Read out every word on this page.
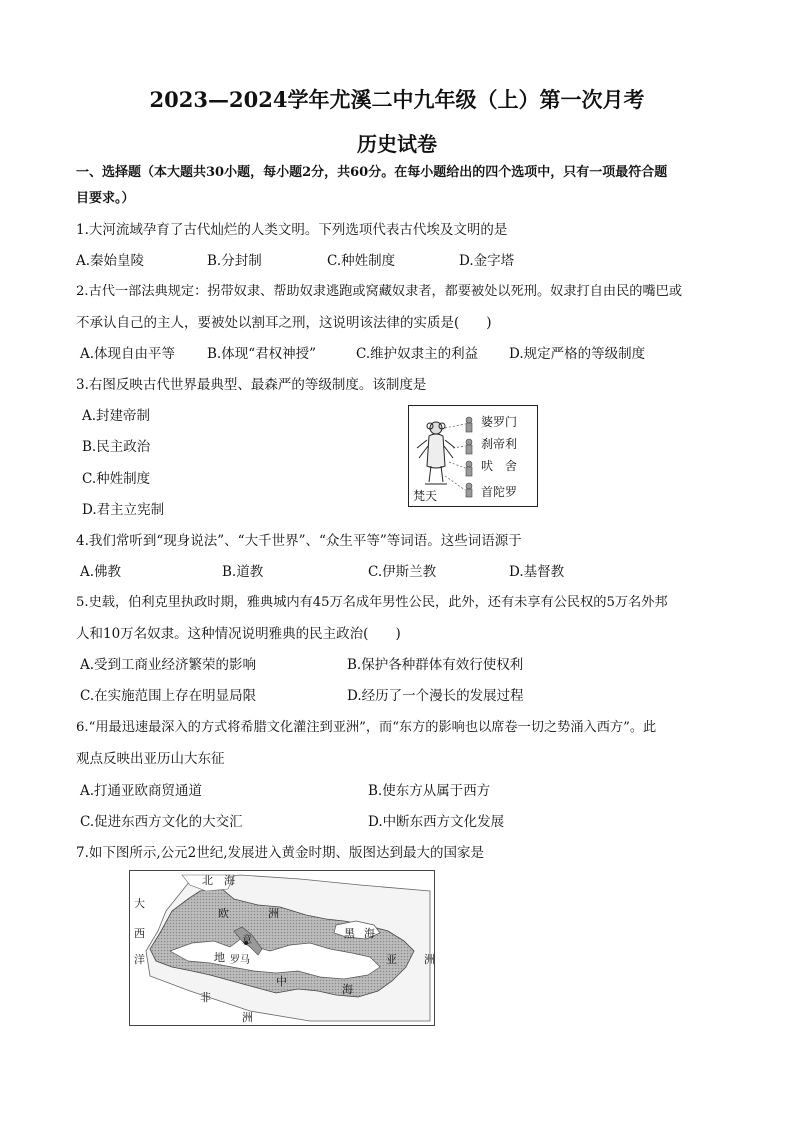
2023—2024学年尤溪二中九年级（上）第一次月考
历史试卷
一、选择题（本大题共30小题，每小题2分，共60分。在每小题给出的四个选项中，只有一项最符合题
目要求。）
1.大河流域孕育了古代灿烂的人类文明。下列选项代表古代埃及文明的是
A.秦始皇陵	B.分封制	C.种姓制度	D.金字塔
2.古代一部法典规定：拐带奴隶、帮助奴隶逃跑或窝藏奴隶者，都要被处以死刑。奴隶打自由民的嘴巴或
不承认自己的主人，要被处以割耳之刑，这说明该法律的实质是(　　)
A.体现自由平等 B.体现“君权神授”	C.维护奴隶主的利益 D.规定严格的等级制度
3.右图反映古代世界最典型、最森严的等级制度。该制度是
A.封建帝制
B.民主政治
C.种姓制度
D.君主立宪制
梵天
婆罗门
刹帝利
吠　舍
首陀罗
4.我们常听到“现身说法”、“大千世界”、“众生平等”等词语。这些词语源于
A.佛教	B.道教	C.伊斯兰教	D.基督教
5.史载，伯利克里执政时期，雅典城内有45万名成年男性公民，此外，还有未享有公民权的5万名外邦
人和10万名奴隶。这种情况说明雅典的民主政治(　　)
A.受到工商业经济繁荣的影响	B.保护各种群体有效行使权利
C.在实施范围上存在明显局限	D.经历了一个漫长的发展过程
6.“用最迅速最深入的方式将希腊文化灌注到亚洲”，而“东方的影响也以席卷一切之势涌入西方”。此
观点反映出亚历山大东征
A.打通亚欧商贸通道	B.使东方从属于西方
C.促进东西方文化的大交汇	D.中断东西方文化发展
7.如下图所示,公元2世纪,发展进入黄金时期、版图达到最大的国家是
北　海
大
西
洋
欧	洲
意
黑 海
亚 洲
罗马
地
中
海
非
洲
